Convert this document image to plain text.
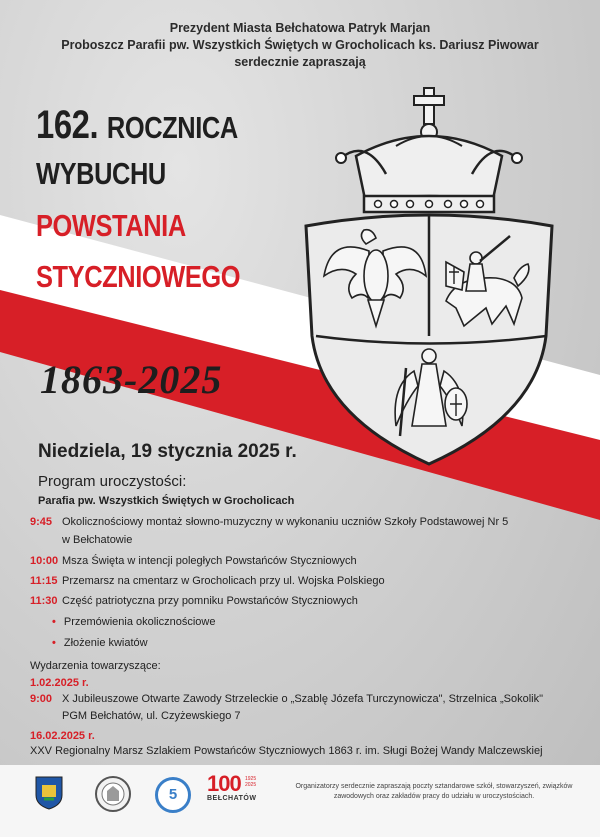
Prezydent Miasta Bełchatowa Patryk Marjan
Proboszcz Parafii pw. Wszystkich Świętych w Grocholicach ks. Dariusz Piwowar
serdecznie zapraszają
162. ROCZNICA
WYBUCHU
POWSTANIA
STYCZNIOWEGO
1863-2025
Niedziela, 19 stycznia 2025 r.
Program uroczystości:
Parafia pw. Wszystkich Świętych w Grocholicach
9:45 Okolicznościowy montaż słowno-muzyczny w wykonaniu uczniów Szkoły Podstawowej Nr 5
w Bełchatowie
10:00 Msza Święta w intencji poległych Powstańców Styczniowych
11:15 Przemarsz na cmentarz w Grocholicach przy ul. Wojska Polskiego
11:30 Część patriotyczna przy pomniku Powstańców Styczniowych
• Przemówienia okolicznościowe
• Złożenie kwiatów
Wydarzenia towarzyszące:
1.02.2025 r.
9:00 X Jubileuszowe Otwarte Zawody Strzeleckie o „Szablę Józefa Turczynowicza", Strzelnica „Sokolik"
PGM Bełchatów, ul. Czyżewskiego 7
16.02.2025 r.
XXV Regionalny Marsz Szlakiem Powstańców Styczniowych 1863 r. im. Sługi Bożej Wandy Malczewskiej
5	100 1925 2025
BEŁCHATÓW
Organizatorzy serdecznie zapraszają poczty sztandarowe szkół, stowarzyszeń, związków zawodowych oraz zakładów pracy do udziału w uroczystościach.
